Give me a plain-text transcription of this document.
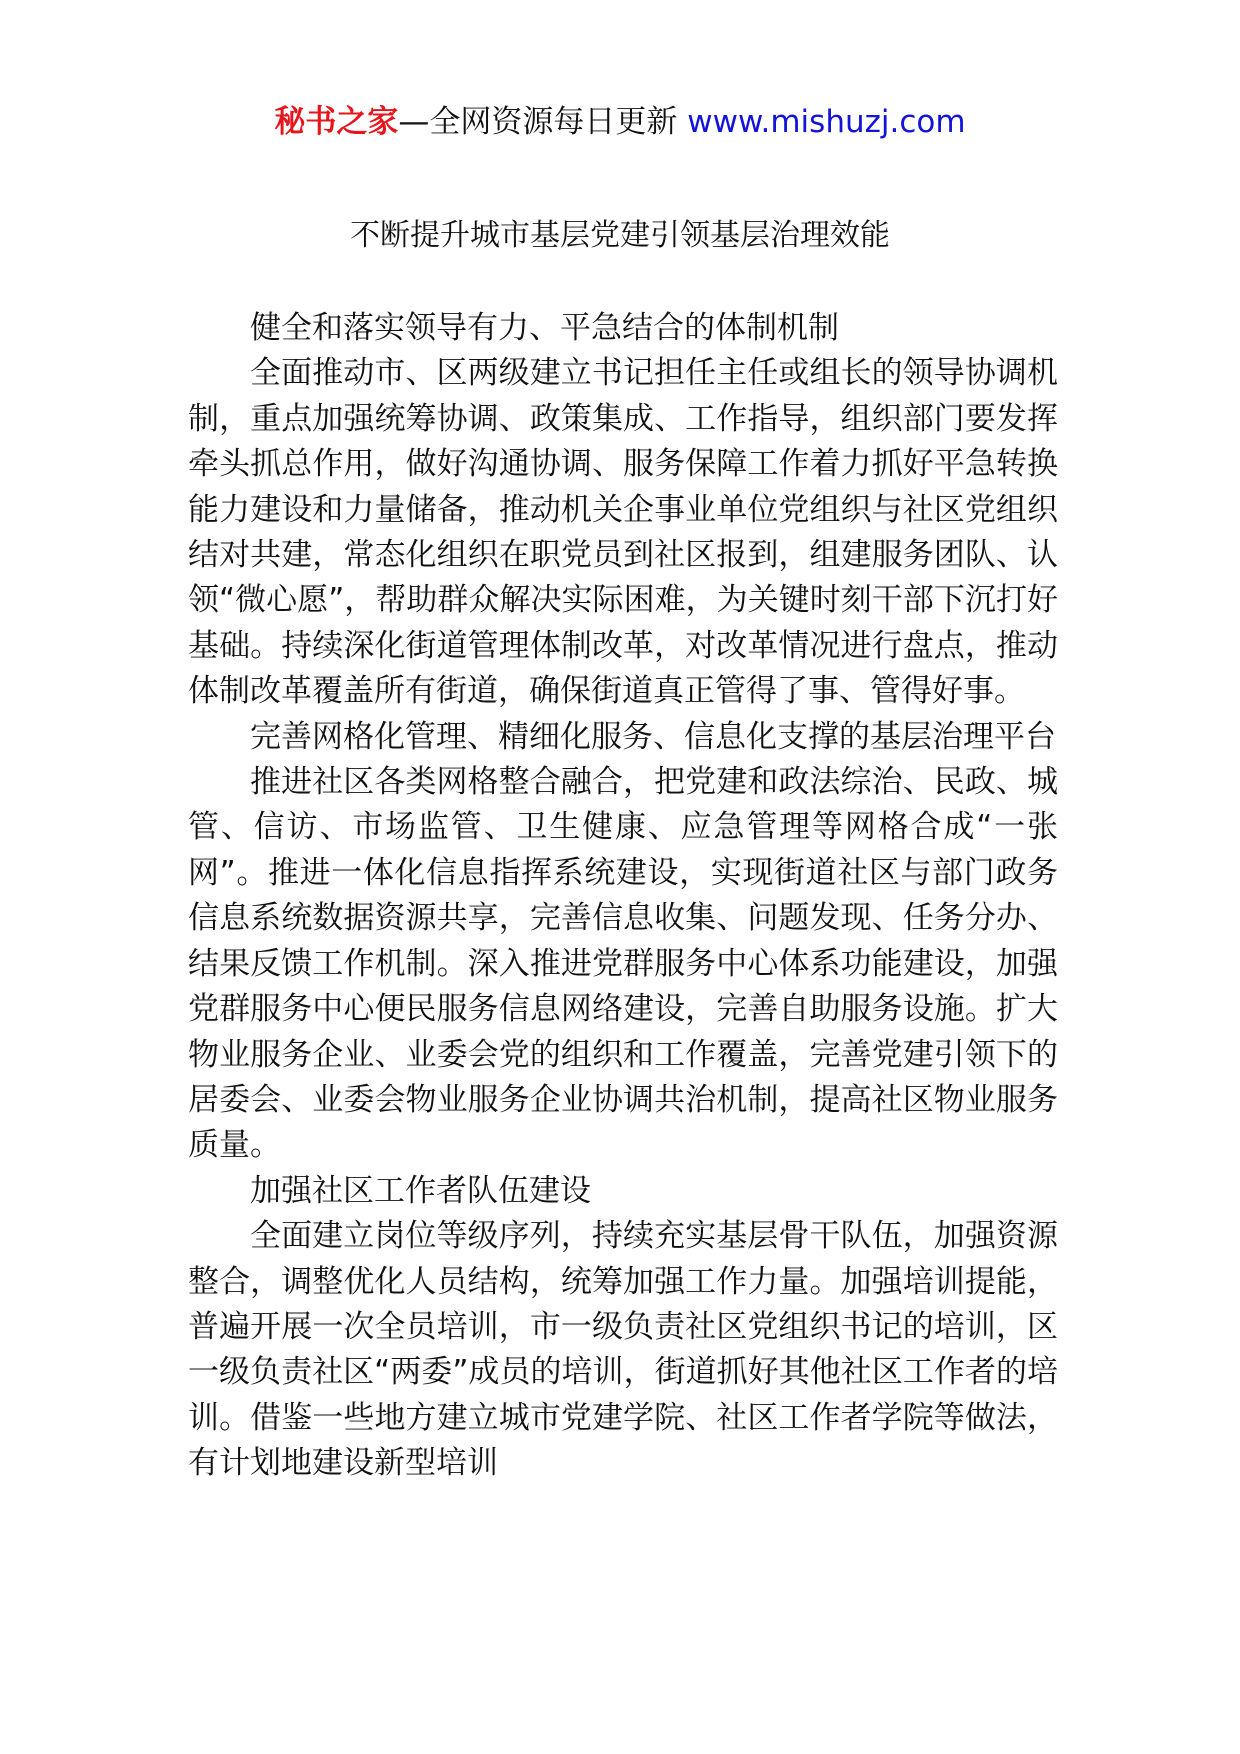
秘书之家—全网资源每日更新 www.mishuzj.com
不断提升城市基层党建引领基层治理效能

健全和落实领导有力、平急结合的体制机制

全面推动市、区两级建立书记担任主任或组长的领导协调机制，重点加强统筹协调、政策集成、工作指导，组织部门要发挥牵头抓总作用，做好沟通协调、服务保障工作着力抓好平急转换能力建设和力量储备，推动机关企事业单位党组织与社区党组织结对共建，常态化组织在职党员到社区报到，组建服务团队、认领“微心愿”，帮助群众解决实际困难，为关键时刻干部下沉打好基础。持续深化街道管理体制改革，对改革情况进行盘点，推动体制改革覆盖所有街道，确保街道真正管得了事、管得好事。

完善网格化管理、精细化服务、信息化支撑的基层治理平台

推进社区各类网格整合融合，把党建和政法综治、民政、城管、信访、市场监管、卫生健康、应急管理等网格合成“一张网”。推进一体化信息指挥系统建设，实现街道社区与部门政务信息系统数据资源共享，完善信息收集、问题发现、任务分办、结果反馈工作机制。深入推进党群服务中心体系功能建设，加强党群服务中心便民服务信息网络建设，完善自助服务设施。扩大物业服务企业、业委会党的组织和工作覆盖，完善党建引领下的居委会、业委会物业服务企业协调共治机制，提高社区物业服务质量。

加强社区工作者队伍建设

全面建立岗位等级序列，持续充实基层骨干队伍，加强资源整合，调整优化人员结构，统筹加强工作力量。加强培训提能，普遍开展一次全员培训，市一级负责社区党组织书记的培训，区一级负责社区“两委”成员的培训，街道抓好其他社区工作者的培训。借鉴一些地方建立城市党建学院、社区工作者学院等做法，有计划地建设新型培训
